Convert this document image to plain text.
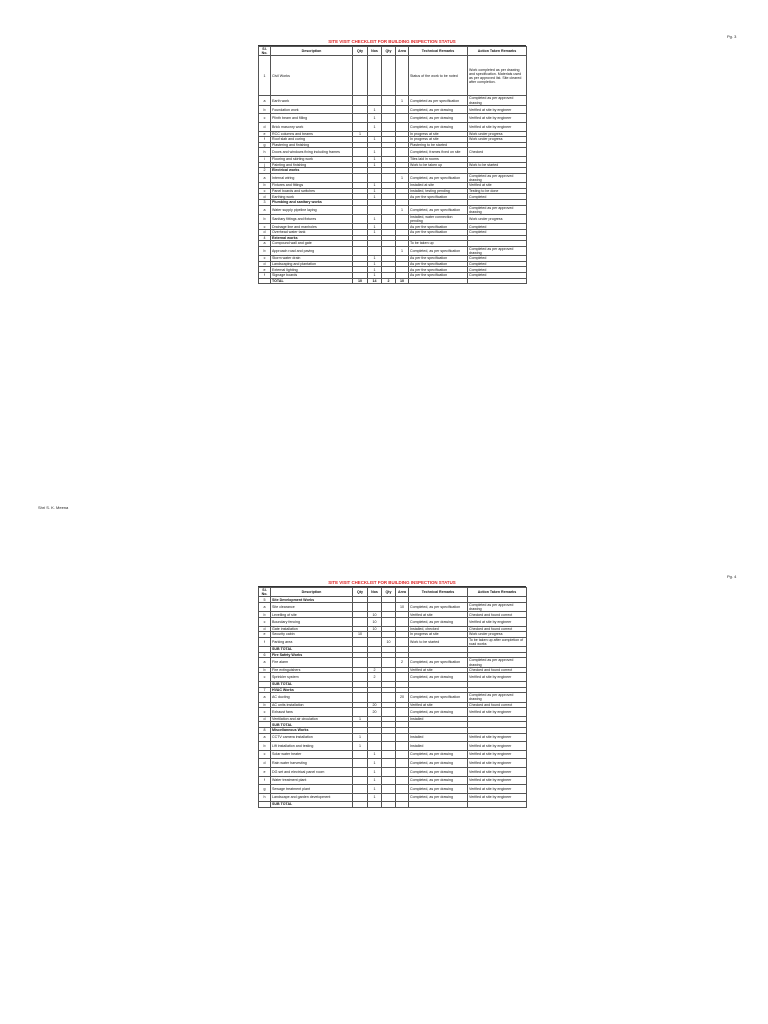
Pg. 3
Pg. 4
Shri S. K. Meena
SITE VISIT CHECKLIST FOR BUILDING INSPECTION STATUS
Sl. No.	Description	Qty	Nos	Qty	Area	Technical Remarks	Action Taken Remarks
1	Civil Works					Status of the work to be noted	Work completed as per drawing and specification. Materials used as per approved list. Site cleared after completion.
a	Earth work				1	Completed as per specification	Completed as per approved drawing
b	Foundation work		1			Completed, as per drawing	Verified at site by engineer
c	Plinth beam and filling		1			Completed, as per drawing	Verified at site by engineer
d	Brick masonry work		1			Completed, as per drawing	Verified at site by engineer
e	RCC columns and beams	1				In progress at site	Work under progress
f	Roof slab and curing		1			In progress at site	Work under progress
g	Plastering and finishing					Plastering to be started	
h	Doors and windows fixing including frames		1			Completed, frames fixed on site	Checked
i	Flooring and skirting work		1			Tiles laid in rooms	
j	Painting and finishing		1			Work to be taken up	Work to be started
2	Electrical works						
a	Internal wiring				1	Completed, as per specification	Completed as per approved drawing
b	Fixtures and fittings		1			Installed at site	Verified at site
c	Panel boards and switches		1			Installed, testing pending	Testing to be done
d	Earthing work		1			As per the specification	Completed
3	Plumbing and sanitary works						
a	Water supply pipeline laying				1	Completed, as per specification	Completed as per approved drawing
b	Sanitary fittings and fixtures		1			Installed, water connection pending	Work under progress
c	Drainage line and manholes		1			As per the specification	Completed
d	Overhead water tank		1			As per the specification	Completed
4	External works						
a	Compound wall and gate					To be taken up	
b	Approach road and paving				1	Completed, as per specification	Completed as per approved drawing
c	Storm water drain		1			As per the specification	Completed
d	Landscaping and plantation		1			As per the specification	Completed
e	External lighting		1			As per the specification	Completed
f	Signage boards		1			As per the specification	Completed
	TOTAL	10	14	2	10		
SITE VISIT CHECKLIST FOR BUILDING INSPECTION STATUS
Sl. No.	Description	Qty	Nos	Qty	Area	Technical Remarks	Action Taken Remarks
5	Site Development Works						
a	Site clearance				10	Completed, as per specification	Completed as per approved drawing
b	Levelling of site		10			Verified at site	Checked and found correct
c	Boundary fencing		10			Completed, as per drawing	Verified at site by engineer
d	Gate installation		10			Installed, checked	Checked and found correct
e	Security cabin	10				In progress at site	Work under progress
f	Parking area			10		Work to be started	To be taken up after completion of road works
	SUB TOTAL						
6	Fire Safety Works						
a	Fire alarm				2	Completed, as per specification	Completed as per approved drawing
b	Fire extinguishers		2			Verified at site	Checked and found correct
c	Sprinkler system		2			Completed, as per drawing	Verified at site by engineer
	SUB TOTAL						
7	HVAC Works						
a	AC ducting				20	Completed, as per specification	Completed as per approved drawing
b	AC units installation		20			Verified at site	Checked and found correct
c	Exhaust fans		20			Completed, as per drawing	Verified at site by engineer
d	Ventilation and air circulation	1				Installed	
	SUB TOTAL						
8	Miscellaneous Works						
a	CCTV camera installation	1				Installed	Verified at site by engineer
b	Lift installation and testing	1				Installed	Verified at site by engineer
c	Solar water heater		1			Completed, as per drawing	Verified at site by engineer
d	Rain water harvesting		1			Completed, as per drawing	Verified at site by engineer
e	DG set and electrical panel room		1			Completed, as per drawing	Verified at site by engineer
f	Water treatment plant		1			Completed, as per drawing	Verified at site by engineer
g	Sewage treatment plant		1			Completed, as per drawing	Verified at site by engineer
h	Landscape and garden development		1			Completed, as per drawing	Verified at site by engineer
	SUB TOTAL						
